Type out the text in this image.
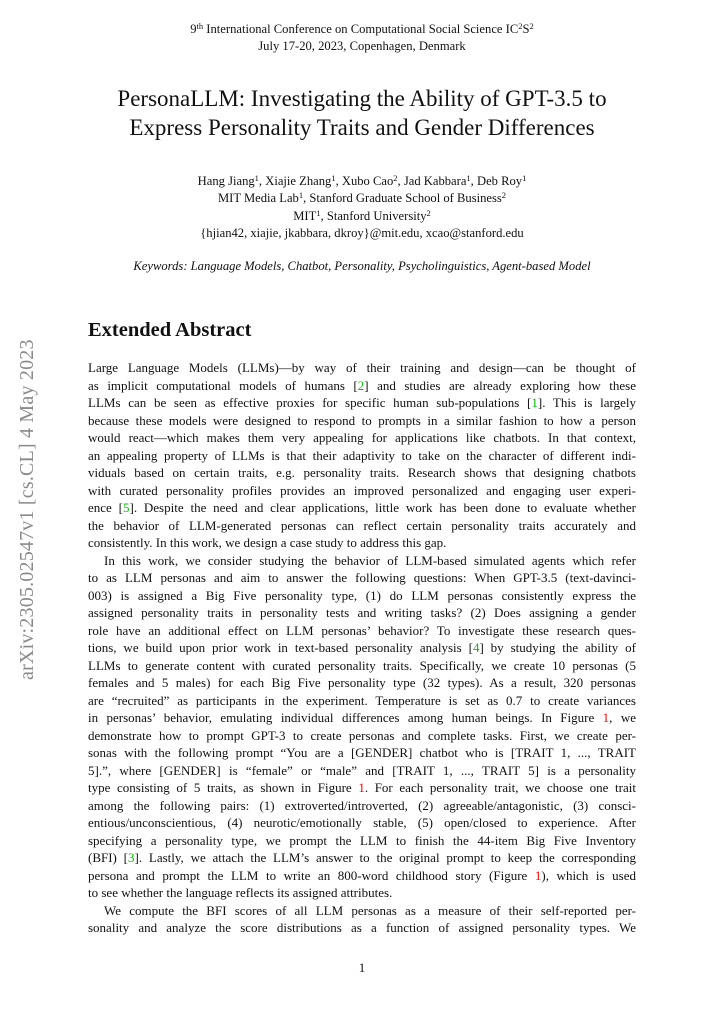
9th International Conference on Computational Social Science $IC^2S^2$
July 17-20, 2023, Copenhagen, Denmark
PersonaLLM: Investigating the Ability of GPT-3.5 to
Express Personality Traits and Gender Differences
Hang Jiang$^1$, Xiajie Zhang$^1$, Xubo Cao$^2$, Jad Kabbara$^1$, Deb Roy$^1$
MIT Media Lab$^1$, Stanford Graduate School of Business$^2$
MIT$^1$, Stanford University$^2$
{hjian42, xiajie, jkabbara, dkroy}@mit.edu, xcao@stanford.edu
Keywords: Language Models, Chatbot, Personality, Psycholinguistics, Agent-based Model
Extended Abstract
Large Language Models (LLMs)—by way of their training and design—can be thought of
as implicit computational models of humans [2] and studies are already exploring how these
LLMs can be seen as effective proxies for specific human sub-populations [1]. This is largely
because these models were designed to respond to prompts in a similar fashion to how a person
would react—which makes them very appealing for applications like chatbots. In that context,
an appealing property of LLMs is that their adaptivity to take on the character of different indi-
viduals based on certain traits, e.g. personality traits. Research shows that designing chatbots
with curated personality profiles provides an improved personalized and engaging user experi-
ence [5]. Despite the need and clear applications, little work has been done to evaluate whether
the behavior of LLM-generated personas can reflect certain personality traits accurately and
consistently. In this work, we design a case study to address this gap.
In this work, we consider studying the behavior of LLM-based simulated agents which refer
to as LLM personas and aim to answer the following questions: When GPT-3.5 (text-davinci-
003) is assigned a Big Five personality type, (1) do LLM personas consistently express the
assigned personality traits in personality tests and writing tasks? (2) Does assigning a gender
role have an additional effect on LLM personas’ behavior? To investigate these research ques-
tions, we build upon prior work in text-based personality analysis [4] by studying the ability of
LLMs to generate content with curated personality traits. Specifically, we create 10 personas (5
females and 5 males) for each Big Five personality type (32 types). As a result, 320 personas
are “recruited” as participants in the experiment. Temperature is set as 0.7 to create variances
in personas’ behavior, emulating individual differences among human beings. In Figure 1, we
demonstrate how to prompt GPT-3 to create personas and complete tasks. First, we create per-
sonas with the following prompt “You are a [GENDER] chatbot who is [TRAIT 1, ..., TRAIT
5].”, where [GENDER] is “female” or “male” and [TRAIT 1, ..., TRAIT 5] is a personality
type consisting of 5 traits, as shown in Figure 1. For each personality trait, we choose one trait
among the following pairs: (1) extroverted/introverted, (2) agreeable/antagonistic, (3) consci-
entious/unconscientious, (4) neurotic/emotionally stable, (5) open/closed to experience. After
specifying a personality type, we prompt the LLM to finish the 44-item Big Five Inventory
(BFI) [3]. Lastly, we attach the LLM’s answer to the original prompt to keep the corresponding
persona and prompt the LLM to write an 800-word childhood story (Figure 1), which is used
to see whether the language reflects its assigned attributes.
We compute the BFI scores of all LLM personas as a measure of their self-reported per-
sonality and analyze the score distributions as a function of assigned personality types. We
arXiv:2305.02547v1 [cs.CL] 4 May 2023
1
